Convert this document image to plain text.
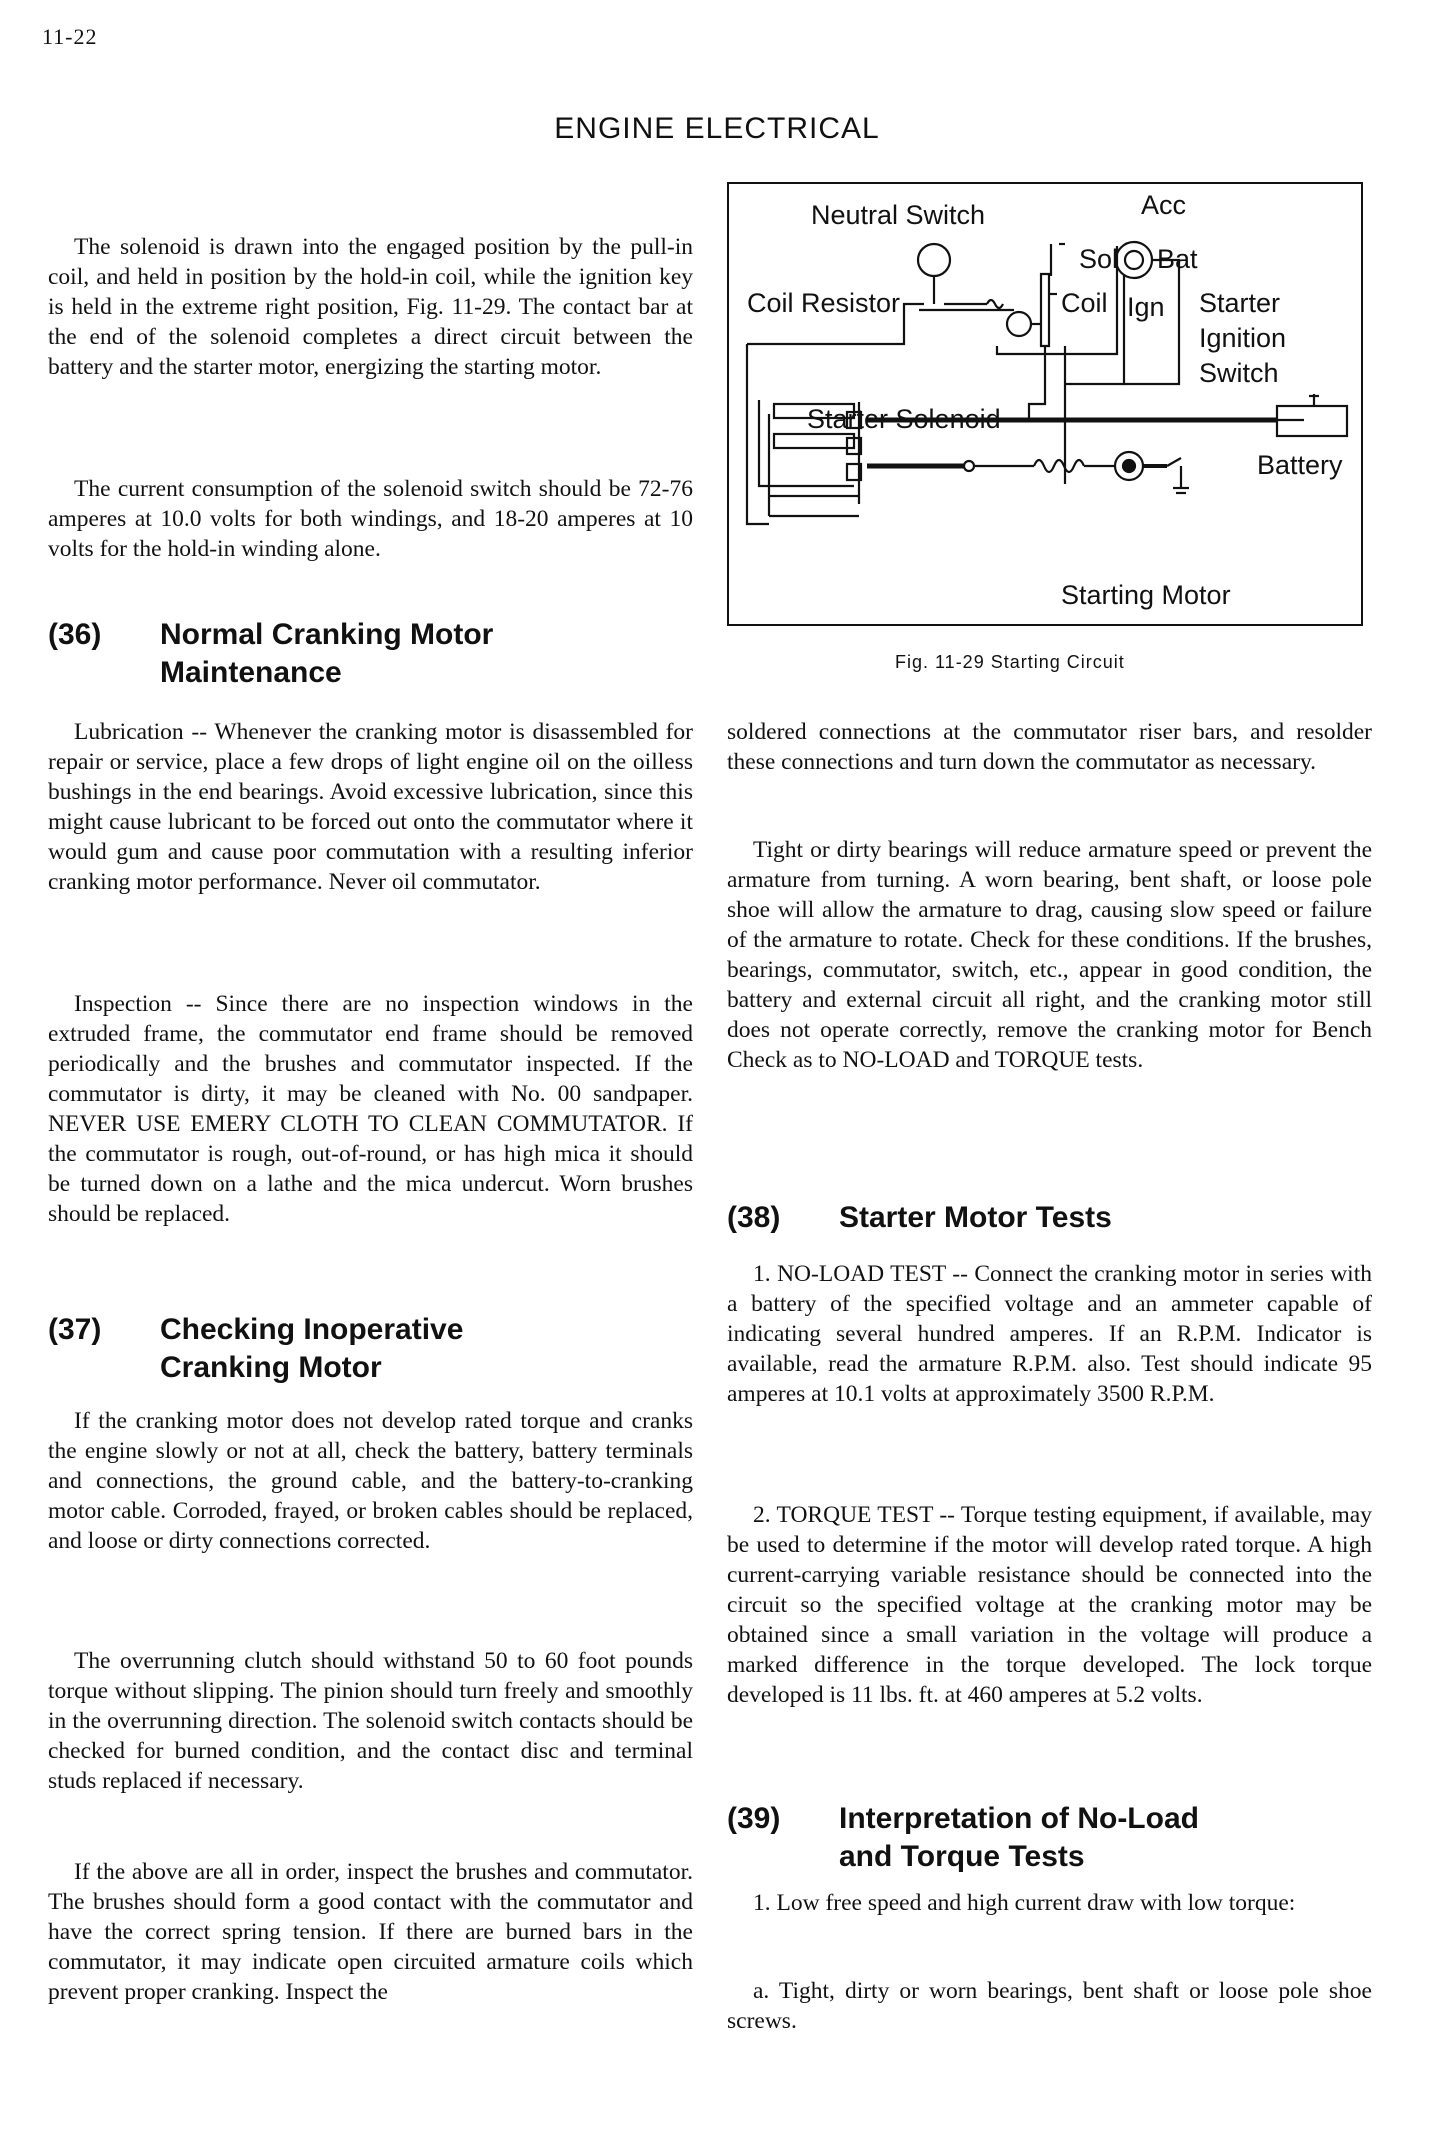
11-22
ENGINE ELECTRICAL

The solenoid is drawn into the engaged position by the pull-in coil, and held in position by the hold-in coil, while the ignition key is held in the extreme right position, Fig. 11-29. The contact bar at the end of the solenoid completes a direct circuit between the battery and the starter motor, energizing the starting motor.

The current consumption of the solenoid switch should be 72-76 amperes at 10.0 volts for both windings, and 18-20 amperes at 10 volts for the hold-in winding alone.

(36)	Normal Cranking Motor
Maintenance

Lubrication -- Whenever the cranking motor is disassembled for repair or service, place a few drops of light engine oil on the oilless bushings in the end bearings. Avoid excessive lubrication, since this might cause lubricant to be forced out onto the commutator where it would gum and cause poor commutation with a resulting inferior cranking motor performance. Never oil commutator.

Inspection -- Since there are no inspection windows in the extruded frame, the commutator end frame should be removed periodically and the brushes and commutator inspected. If the commutator is dirty, it may be cleaned with No. 00 sandpaper. NEVER USE EMERY CLOTH TO CLEAN COMMUTATOR. If the commutator is rough, out-of-round, or has high mica it should be turned down on a lathe and the mica undercut. Worn brushes should be replaced.

(37)	Checking Inoperative
Cranking Motor

If the cranking motor does not develop rated torque and cranks the engine slowly or not at all, check the battery, battery terminals and connections, the ground cable, and the battery-to-cranking motor cable. Corroded, frayed, or broken cables should be replaced, and loose or dirty connections corrected.

The overrunning clutch should withstand 50 to 60 foot pounds torque without slipping. The pinion should turn freely and smoothly in the overrunning direction. The solenoid switch contacts should be checked for burned condition, and the contact disc and terminal studs replaced if necessary.

If the above are all in order, inspect the brushes and commutator. The brushes should form a good contact with the commutator and have the correct spring tension. If there are burned bars in the commutator, it may indicate open circuited armature coils which prevent proper cranking. Inspect the

Neutral Switch	Acc
Sol Bat
Coil Resistor	Coil Ign Starter
Ignition
Switch
Starter Solenoid
Battery
Starting Motor
Fig. 11-29 Starting Circuit

soldered connections at the commutator riser bars, and resolder these connections and turn down the commutator as necessary.

Tight or dirty bearings will reduce armature speed or prevent the armature from turning. A worn bearing, bent shaft, or loose pole shoe will allow the armature to drag, causing slow speed or failure of the armature to rotate. Check for these conditions. If the brushes, bearings, commutator, switch, etc., appear in good condition, the battery and external circuit all right, and the cranking motor still does not operate correctly, remove the cranking motor for Bench Check as to NO-LOAD and TORQUE tests.

(38)	Starter Motor Tests

1. NO-LOAD TEST -- Connect the cranking motor in series with a battery of the specified voltage and an ammeter capable of indicating several hundred amperes. If an R.P.M. Indicator is available, read the armature R.P.M. also. Test should indicate 95 amperes at 10.1 volts at approximately 3500 R.P.M.

2. TORQUE TEST -- Torque testing equipment, if available, may be used to determine if the motor will develop rated torque. A high current-carrying variable resistance should be connected into the circuit so the specified voltage at the cranking motor may be obtained since a small variation in the voltage will produce a marked difference in the torque developed. The lock torque developed is 11 lbs. ft. at 460 amperes at 5.2 volts.

(39)	Interpretation of No-Load
and Torque Tests

1. Low free speed and high current draw with low torque:

a. Tight, dirty or worn bearings, bent shaft or loose pole shoe screws.
